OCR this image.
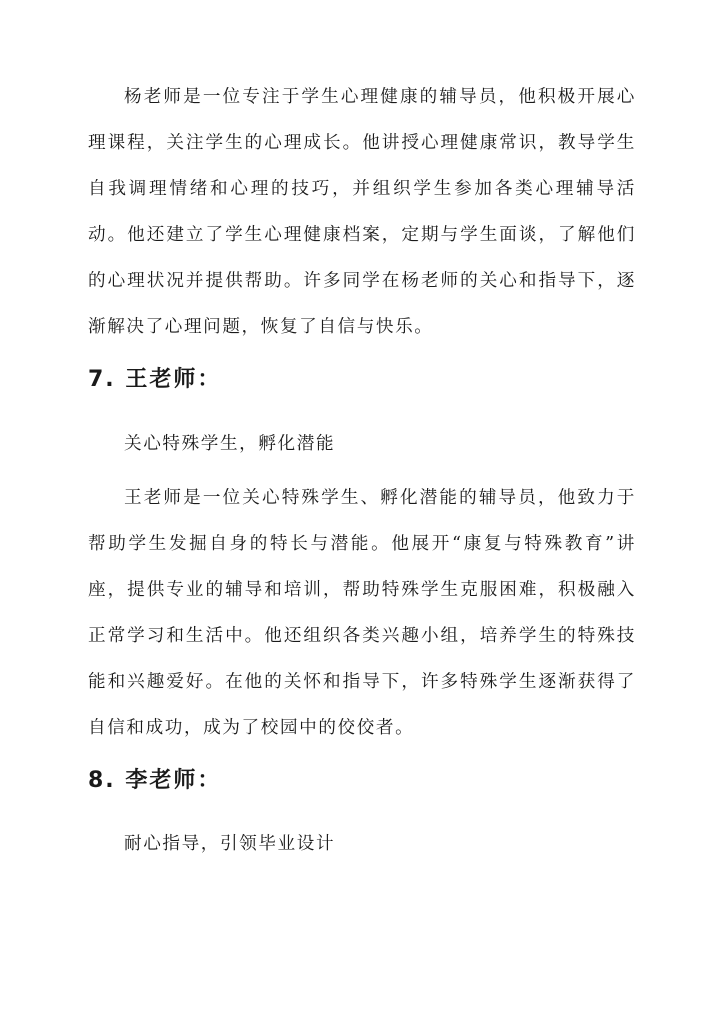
杨老师是一位专注于学生心理健康的辅导员，他积极开展心理课程，关注学生的心理成长。他讲授心理健康常识，教导学生自我调理情绪和心理的技巧，并组织学生参加各类心理辅导活动。他还建立了学生心理健康档案，定期与学生面谈，了解他们的心理状况并提供帮助。许多同学在杨老师的关心和指导下，逐渐解决了心理问题，恢复了自信与快乐。

7. 王老师：

关心特殊学生，孵化潜能

王老师是一位关心特殊学生、孵化潜能的辅导员，他致力于帮助学生发掘自身的特长与潜能。他展开“康复与特殊教育”讲座，提供专业的辅导和培训，帮助特殊学生克服困难，积极融入正常学习和生活中。他还组织各类兴趣小组，培养学生的特殊技能和兴趣爱好。在他的关怀和指导下，许多特殊学生逐渐获得了自信和成功，成为了校园中的佼佼者。

8. 李老师：

耐心指导，引领毕业设计
